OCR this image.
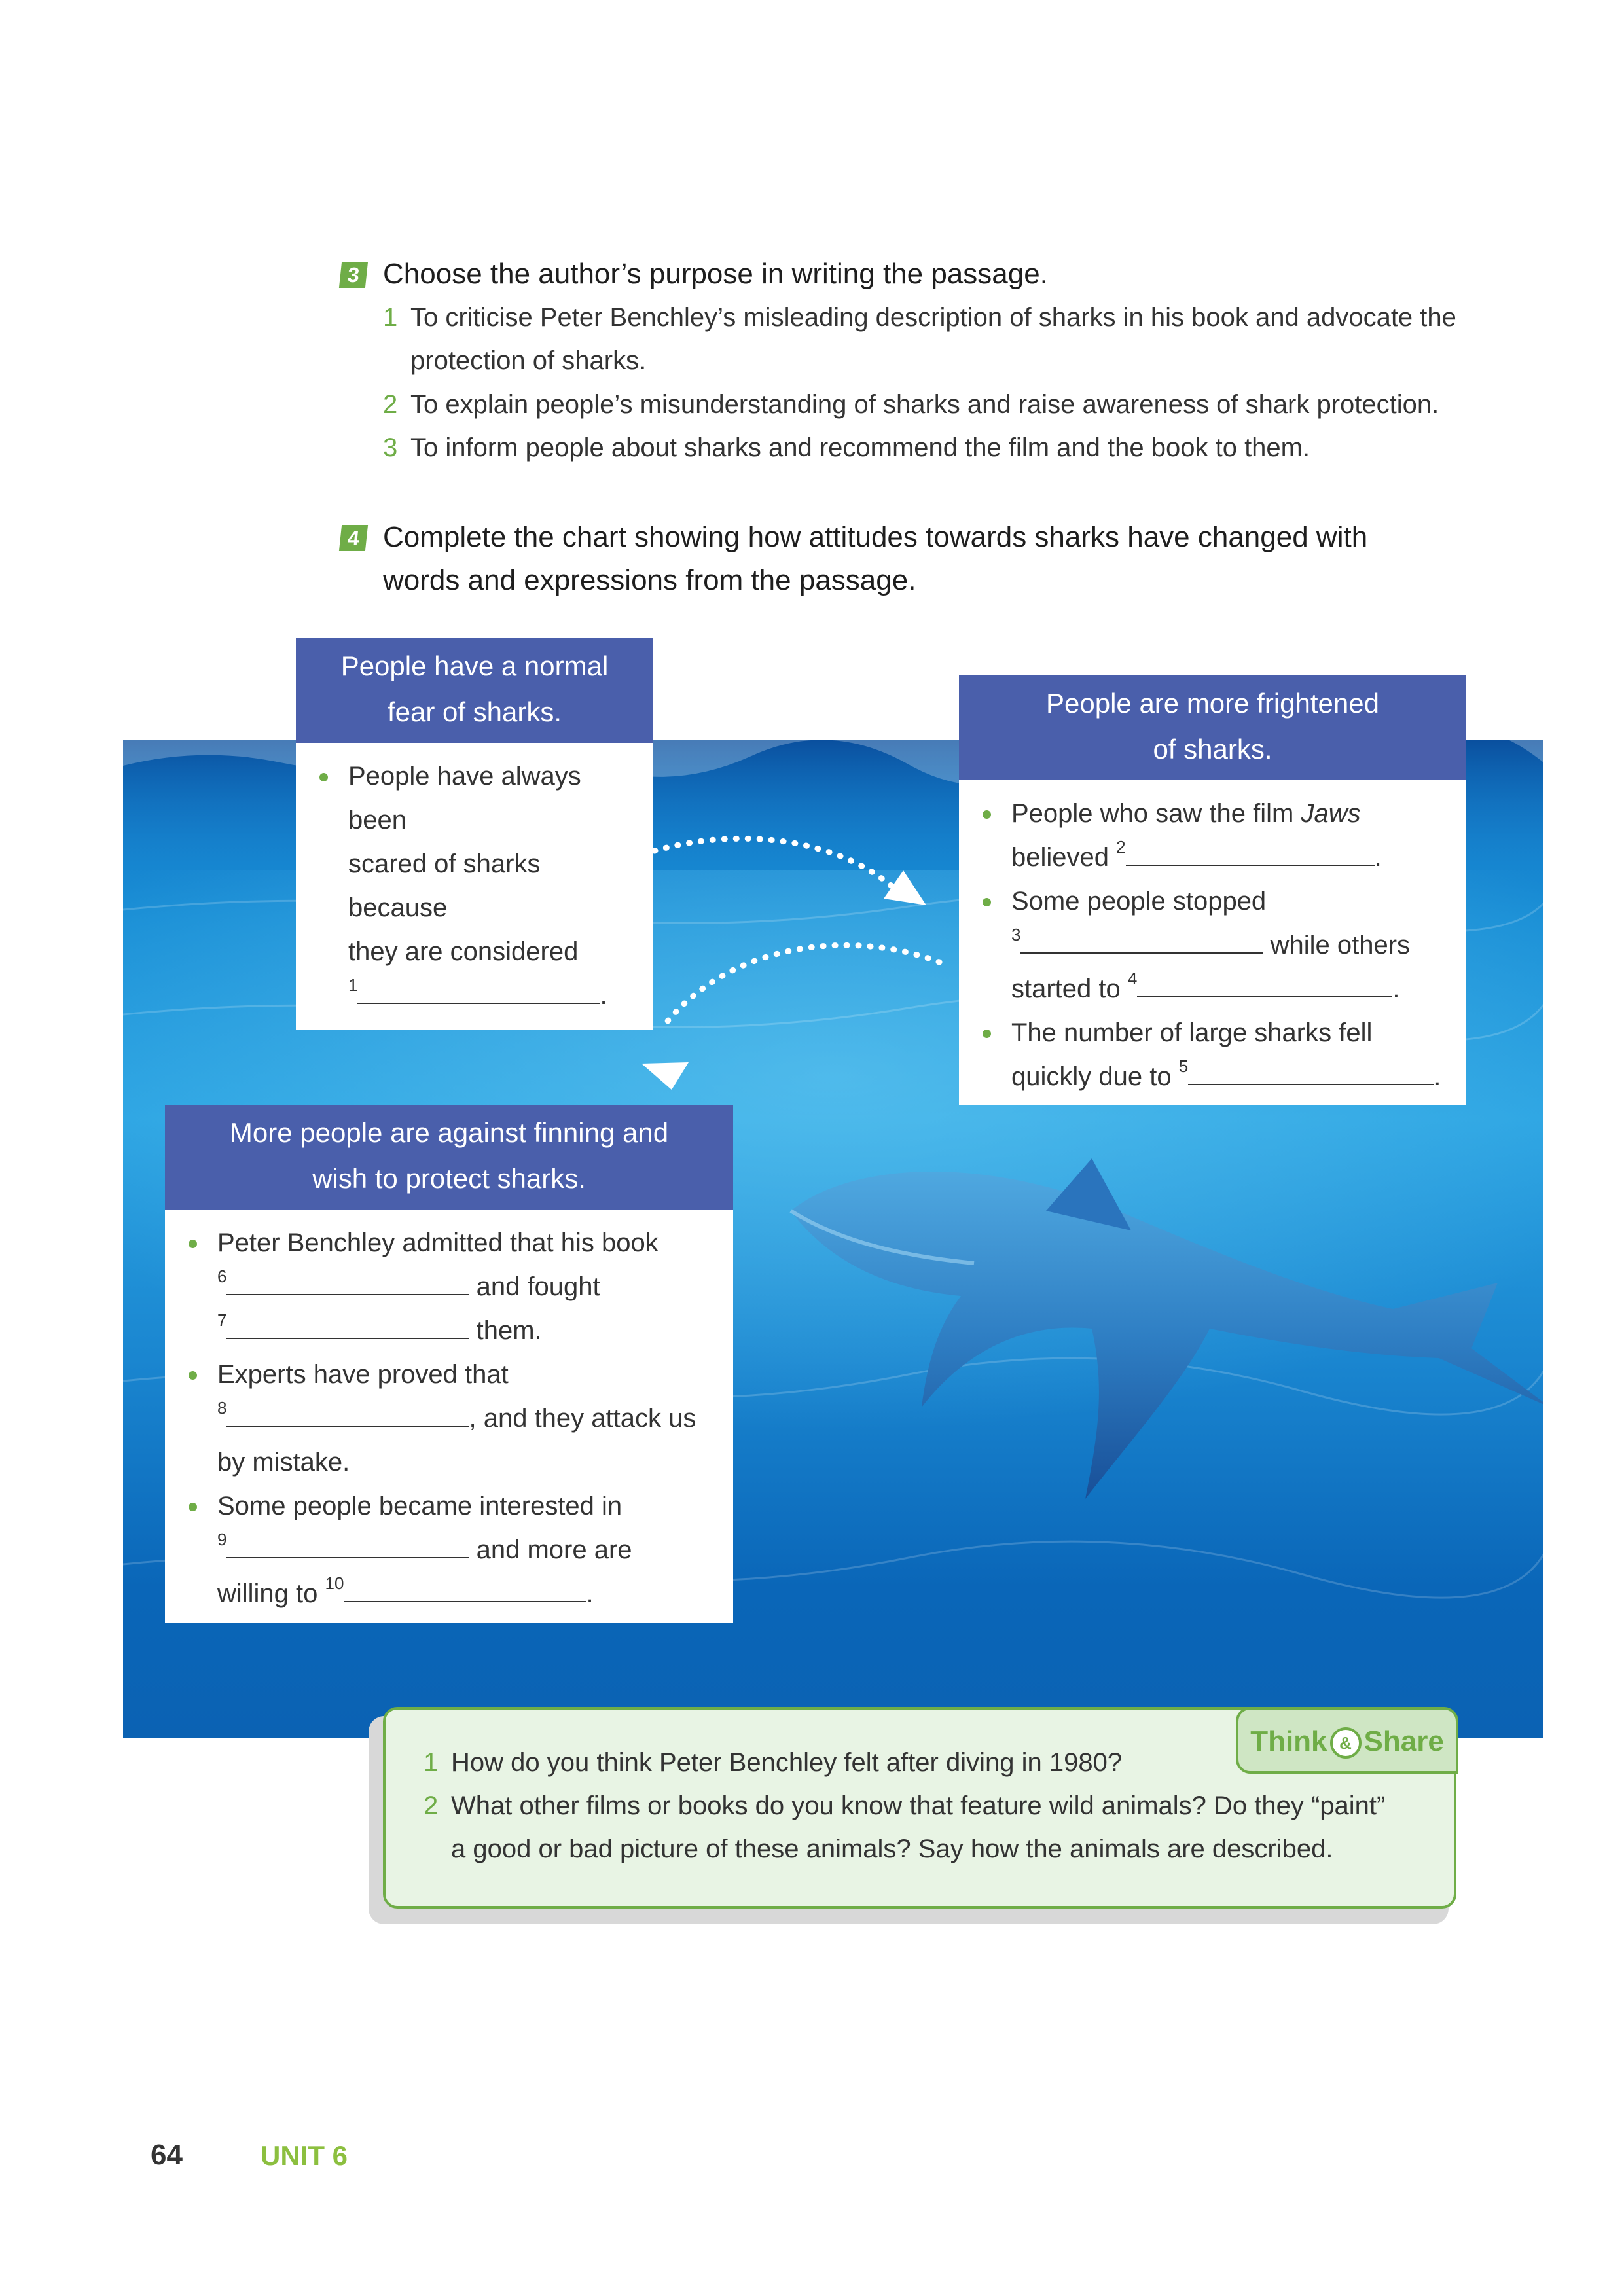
3 Choose the author’s purpose in writing the passage.
1 To criticise Peter Benchley’s misleading description of sharks in his book and advocate the protection of sharks.
2 To explain people’s misunderstanding of sharks and raise awareness of shark protection.
3 To inform people about sharks and recommend the film and the book to them.
4 Complete the chart showing how attitudes towards sharks have changed with
words and expressions from the passage.
People have a normal
fear of sharks.
People have always been
scared of sharks because
they are considered
$^1$	.
People are more frightened
of sharks.
People who saw the film Jaws
believed $^2$	.
Some people stopped
$^3$	while others
started to $^4$	.
The number of large sharks fell
quickly due to $^5$	.
More people are against finning and
wish to protect sharks.
Peter Benchley admitted that his book
$^6$	and fought
$^7$	them.
Experts have proved that
$^8$	, and they attack us
by mistake.
Some people became interested in
$^9$	and more are
willing to $^{10}$	.
Think & Share
1 How do you think Peter Benchley felt after diving in 1980?
2 What other films or books do you know that feature wild animals? Do they “paint”
a good or bad picture of these animals? Say how the animals are described.
64	UNIT 6
